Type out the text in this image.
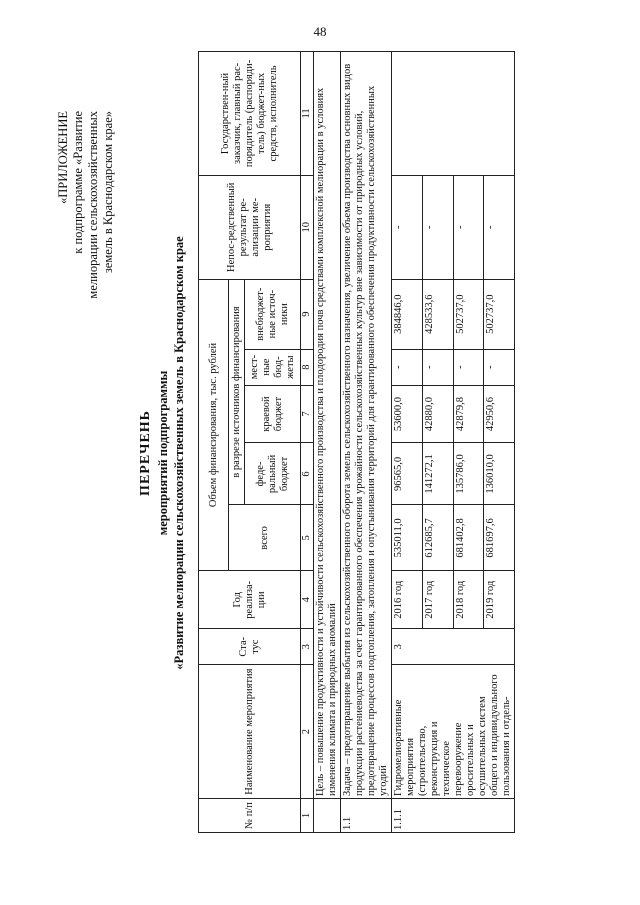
48
«ПРИЛОЖЕНИЕ к подпрограмме «Развитие мелиорации сельскохозяйственных земель в Краснодарском крае»
ПЕРЕЧЕНЬ мероприятий подпрограммы «Развитие мелиорации сельскохозяйственных земель в Краснодарском крае
№ п/п	Наименование мероприятия	Ста-тус	Год реализа-ции	Объем финансирования, тыс. рублей					Непос-редственный результат ре-ализации ме-роприятия	Государствен-ный заказчик, главный рас-порядитель (распоряди-тель) бюджет-ных средств, исполнитель
				всего	в разрезе источников финансирования					
					феде-ральный бюджет	краевой бюджет	мест-ные бюд-жеты	внебюджет-ные источ-ники		
1	2	3	4	5	6	7	8	9	10	11
	Цель – повышение продуктивности и устойчивости сельскохозяйственного производства и плодородия почв средствами комплексной мелиорации в условиях изменения климата и природных аномалий									
1.1	Задача – предотвращение выбытия из сельскохозяйственного оборота земель сельскохозяйственного назначения, увеличение объема производства основных видов продукции растениеводства за счет гарантированного обеспечения урожайности сельскохозяйственных культур вне зависимости от природных условий, предотвращение процессов подтопления, затопления и опустынивания территорий для гарантированного обеспечения продуктивности сельскохозяйственных угодий									
1.1.1	Гидромелиоративные мероприятия (строительство, реконструкция и техническое перевооружение оросительных и осушительных систем общего и индивидуального пользования и отдель-	3	2016 год	535011,0	96565,0	53600,0	-	384846,0	-	
			2017 год	612685,7	141272,1	42880,0	-	428533,6	-	
			2018 год	681402,8	135786,0	42879,8	-	502737,0	-	
			2019 год	681697,6	136010,0	42950,6	-	502737,0	-	
